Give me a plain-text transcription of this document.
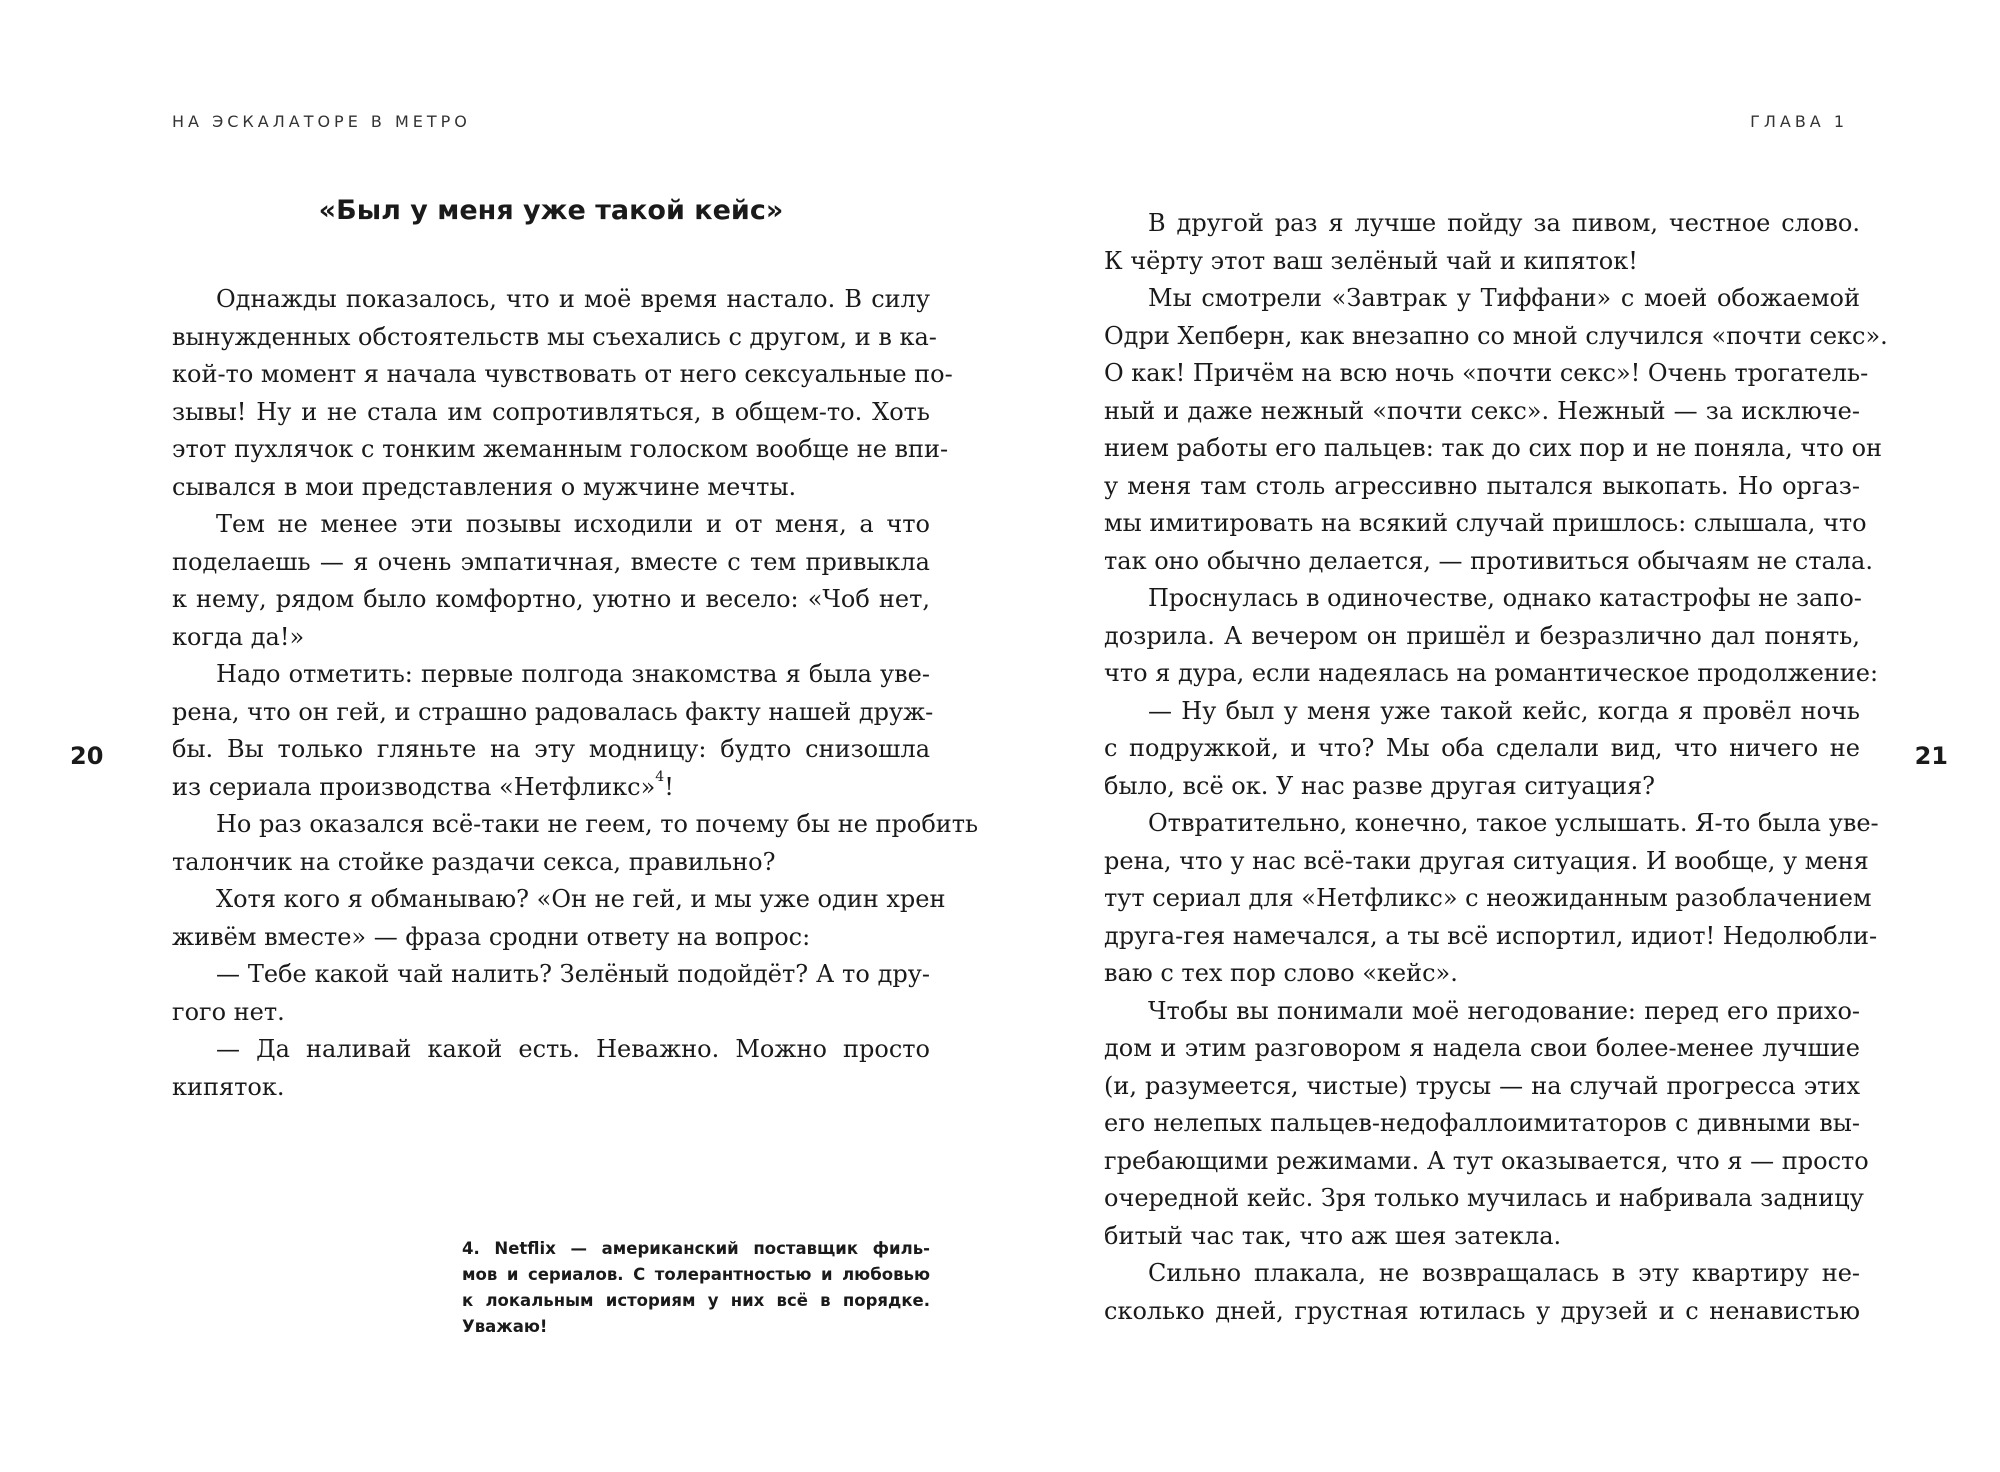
НА ЭСКАЛАТОРЕ В МЕТРО
20
«Был у меня уже такой кейс»
Однажды показалось, что и моё время настало. В силу
вынужденных обстоятельств мы съехались с другом, и в ка-
кой-то момент я начала чувствовать от него сексуальные по-
зывы! Ну и не стала им сопротивляться, в общем-то. Хоть
этот пухлячок с тонким жеманным голоском вообще не впи-
сывался в мои представления о мужчине мечты.
Тем не менее эти позывы исходили и от меня, а что
поделаешь — я очень эмпатичная, вместе с тем привыкла
к нему, рядом было комфортно, уютно и весело: «Чоб нет,
когда да!»
Надо отметить: первые полгода знакомства я была уве-
рена, что он гей, и страшно радовалась факту нашей друж-
бы. Вы только гляньте на эту модницу: будто снизошла
из сериала производства «Нетфликс»$^4$!
Но раз оказался всё-таки не геем, то почему бы не пробить
талончик на стойке раздачи секса, правильно?
Хотя кого я обманываю? «Он не гей, и мы уже один хрен
живём вместе» — фраза сродни ответу на вопрос:
— Тебе какой чай налить? Зелёный подойдёт? А то дру-
гого нет.
— Да наливай какой есть. Неважно. Можно просто
кипяток.
4. Netflix — американский поставщик филь-
мов и сериалов. С толерантностью и любовью
к локальным историям у них всё в порядке.
Уважаю!
ГЛАВА 1
21
В другой раз я лучше пойду за пивом, честное слово.
К чёрту этот ваш зелёный чай и кипяток!
Мы смотрели «Завтрак у Тиффани» с моей обожаемой
Одри Хепберн, как внезапно со мной случился «почти секс».
О как! Причём на всю ночь «почти секс»! Очень трогатель-
ный и даже нежный «почти секс». Нежный — за исключе-
нием работы его пальцев: так до сих пор и не поняла, что он
у меня там столь агрессивно пытался выкопать. Но оргаз-
мы имитировать на всякий случай пришлось: слышала, что
так оно обычно делается, — противиться обычаям не стала.
Проснулась в одиночестве, однако катастрофы не запо-
дозрила. А вечером он пришёл и безразлично дал понять,
что я дура, если надеялась на романтическое продолжение:
— Ну был у меня уже такой кейс, когда я провёл ночь
с подружкой, и что? Мы оба сделали вид, что ничего не
было, всё ок. У нас разве другая ситуация?
Отвратительно, конечно, такое услышать. Я-то была уве-
рена, что у нас всё-таки другая ситуация. И вообще, у меня
тут сериал для «Нетфликс» с неожиданным разоблачением
друга-гея намечался, а ты всё испортил, идиот! Недолюбли-
ваю с тех пор слово «кейс».
Чтобы вы понимали моё негодование: перед его прихо-
дом и этим разговором я надела свои более-менее лучшие
(и, разумеется, чистые) трусы — на случай прогресса этих
его нелепых пальцев-недофаллоимитаторов с дивными вы-
гребающими режимами. А тут оказывается, что я — просто
очередной кейс. Зря только мучилась и набривала задницу
битый час так, что аж шея затекла.
Сильно плакала, не возвращалась в эту квартиру не-
сколько дней, грустная ютилась у друзей и с ненавистью
